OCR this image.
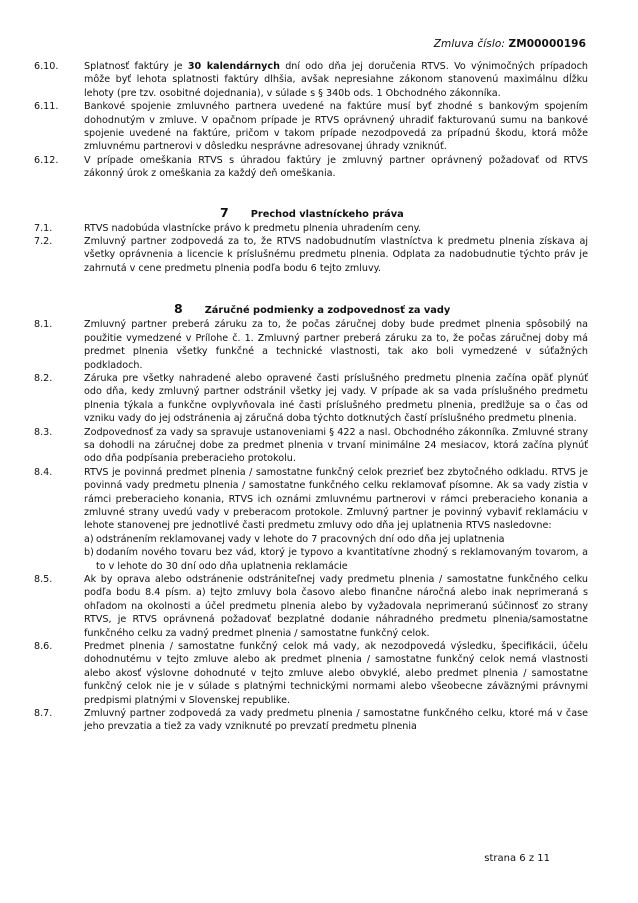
Zmluva číslo: ZM00000196
6.10.	Splatnosť faktúry je 30 kalendárnych dní odo dňa jej doručenia RTVS. Vo výnimočných prípadoch môže byť lehota splatnosti faktúry dlhšia, avšak nepresiahne zákonom stanovenú maximálnu dĺžku lehoty (pre tzv. osobitné dojednania), v súlade s § 340b ods. 1 Obchodného zákonníka.
6.11.	Bankové spojenie zmluvného partnera uvedené na faktúre musí byť zhodné s bankovým spojením dohodnutým v zmluve. V opačnom prípade je RTVS oprávnený uhradiť fakturovanú sumu na bankové spojenie uvedené na faktúre, pričom v takom prípade nezodpovedá za prípadnú škodu, ktorá môže zmluvnému partnerovi v dôsledku nesprávne adresovanej úhrady vzniknúť.
6.12.	V prípade omeškania RTVS s úhradou faktúry je zmluvný partner oprávnený požadovať od RTVS zákonný úrok z omeškania za každý deň omeškania.
7 Prechod vlastníckeho práva
7.1.	RTVS nadobúda vlastnícke právo k predmetu plnenia uhradením ceny.
7.2.	Zmluvný partner zodpovedá za to, že RTVS nadobudnutím vlastníctva k predmetu plnenia získava aj všetky oprávnenia a licencie k príslušnému predmetu plnenia. Odplata za nadobudnutie týchto práv je zahrnutá v cene predmetu plnenia podľa bodu 6 tejto zmluvy.
8 Záručné podmienky a zodpovednosť za vady
8.1.	Zmluvný partner preberá záruku za to, že počas záručnej doby bude predmet plnenia spôsobilý na použitie vymedzené v Prílohe č. 1. Zmluvný partner preberá záruku za to, že počas záručnej doby má predmet plnenia všetky funkčné a technické vlastnosti, tak ako boli vymedzené v súťažných podkladoch.
8.2.	Záruka pre všetky nahradené alebo opravené časti príslušného predmetu plnenia začína opäť plynúť odo dňa, kedy zmluvný partner odstránil všetky jej vady. V prípade ak sa vada príslušného predmetu plnenia týkala a funkčne ovplyvňovala iné časti príslušného predmetu plnenia, predlžuje sa o čas od vzniku vady do jej odstránenia aj záručná doba týchto dotknutých častí príslušného predmetu plnenia.
8.3.	Zodpovednosť za vady sa spravuje ustanoveniami § 422 a nasl. Obchodného zákonníka. Zmluvné strany sa dohodli na záručnej dobe za predmet plnenia v trvaní minimálne 24 mesiacov, ktorá začína plynúť odo dňa podpísania preberacieho protokolu.
8.4.	RTVS je povinná predmet plnenia / samostatne funkčný celok prezrieť bez zbytočného odkladu. RTVS je povinná vady predmetu plnenia / samostatne funkčného celku reklamovať písomne. Ak sa vady zistia v rámci preberacieho konania, RTVS ich oznámi zmluvnému partnerovi v rámci preberacieho konania a zmluvné strany uvedú vady v preberacom protokole. Zmluvný partner je povinný vybaviť reklamáciu v lehote stanovenej pre jednotlivé časti predmetu zmluvy odo dňa jej uplatnenia RTVS nasledovne:
a) odstránením reklamovanej vady v lehote do 7 pracovných dní odo dňa jej uplatnenia
b) dodaním nového tovaru bez vád, ktorý je typovo a kvantitatívne zhodný s reklamovaným tovarom, a to v lehote do 30 dní odo dňa uplatnenia reklamácie
8.5.	Ak by oprava alebo odstránenie odstrániteľnej vady predmetu plnenia / samostatne funkčného celku podľa bodu 8.4 písm. a) tejto zmluvy bola časovo alebo finančne náročná alebo inak neprimeraná s ohľadom na okolnosti a účel predmetu plnenia alebo by vyžadovala neprimeranú súčinnosť zo strany RTVS, je RTVS oprávnená požadovať bezplatné dodanie náhradného predmetu plnenia/samostatne funkčného celku za vadný predmet plnenia / samostatne funkčný celok.
8.6.	Predmet plnenia / samostatne funkčný celok má vady, ak nezodpovedá výsledku, špecifikácii, účelu dohodnutému v tejto zmluve alebo ak predmet plnenia / samostatne funkčný celok nemá vlastnosti alebo akosť výslovne dohodnuté v tejto zmluve alebo obvyklé, alebo predmet plnenia / samostatne funkčný celok nie je v súlade s platnými technickými normami alebo všeobecne záväznými právnymi predpismi platnými v Slovenskej republike.
8.7.	Zmluvný partner zodpovedá za vady predmetu plnenia / samostatne funkčného celku, ktoré má v čase jeho prevzatia a tiež za vady vzniknuté po prevzatí predmetu plnenia
strana 6 z 11
